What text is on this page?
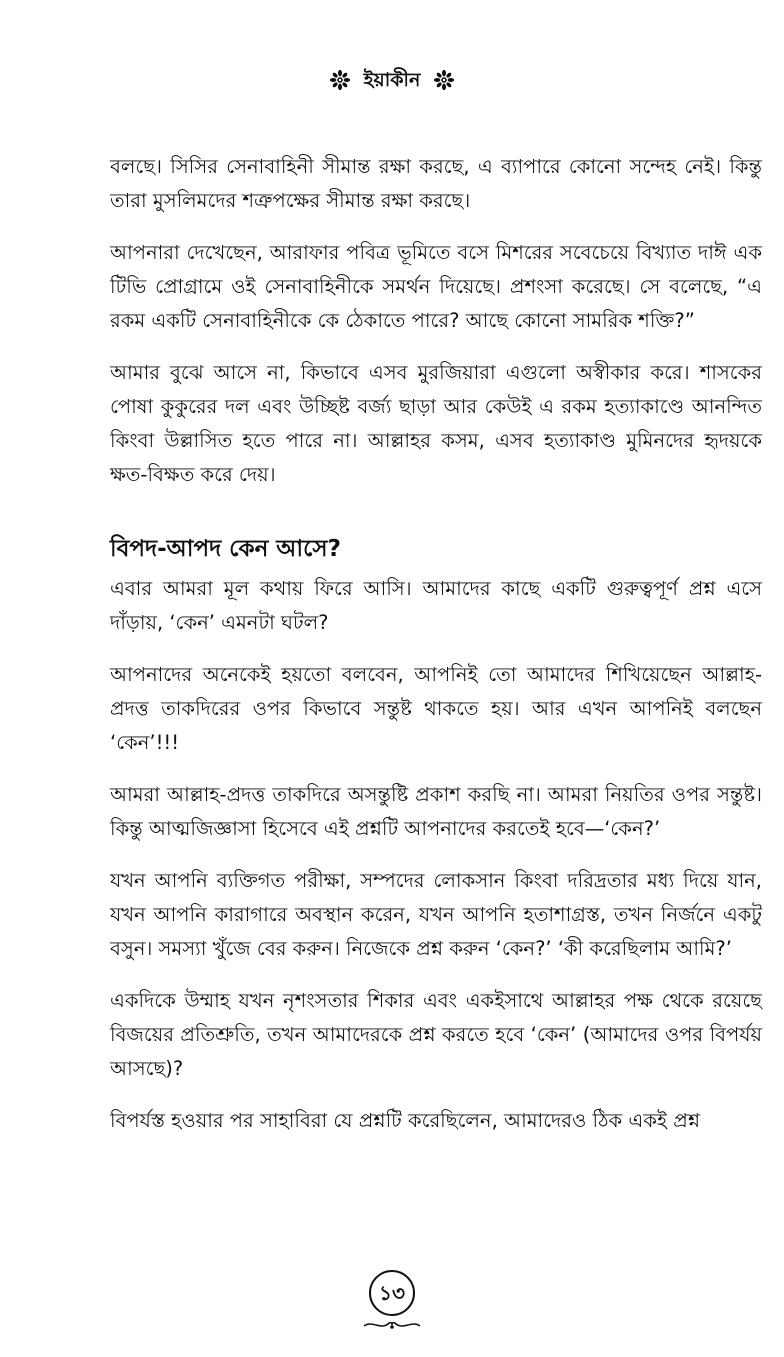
ইয়াকীন

বলছে। সিসির সেনাবাহিনী সীমান্ত রক্ষা করছে, এ ব্যাপারে কোনো সন্দেহ নেই। কিন্তু তারা মুসলিমদের শত্রুপক্ষের সীমান্ত রক্ষা করছে।

আপনারা দেখেছেন, আরাফার পবিত্র ভূমিতে বসে মিশরের সবেচেয়ে বিখ্যাত দাঈ এক টিভি প্রোগ্রামে ওই সেনাবাহিনীকে সমর্থন দিয়েছে। প্রশংসা করেছে। সে বলেছে, “এ রকম একটি সেনাবাহিনীকে কে ঠেকাতে পারে? আছে কোনো সামরিক শক্তি?”

আমার বুঝে আসে না, কিভাবে এসব মুরজিয়ারা এগুলো অস্বীকার করে। শাসকের পোষা কুকুরের দল এবং উচ্ছিষ্ট বর্জ্য ছাড়া আর কেউই এ রকম হত্যাকাণ্ডে আনন্দিত কিংবা উল্লাসিত হতে পারে না। আল্লাহর কসম, এসব হত্যাকাণ্ড মুমিনদের হৃদয়কে ক্ষত-বিক্ষত করে দেয়।

বিপদ-আপদ কেন আসে?

এবার আমরা মূল কথায় ফিরে আসি। আমাদের কাছে একটি গুরুত্বপূর্ণ প্রশ্ন এসে দাঁড়ায়, ‘কেন’ এমনটা ঘটল?

আপনাদের অনেকেই হয়তো বলবেন, আপনিই তো আমাদের শিখিয়েছেন আল্লাহ-প্রদত্ত তাকদিরের ওপর কিভাবে সন্তুষ্ট থাকতে হয়। আর এখন আপনিই বলছেন ‘কেন’!!!

আমরা আল্লাহ-প্রদত্ত তাকদিরে অসন্তুষ্টি প্রকাশ করছি না। আমরা নিয়তির ওপর সন্তুষ্ট। কিন্তু আত্মজিজ্ঞাসা হিসেবে এই প্রশ্নটি আপনাদের করতেই হবে—‘কেন?’

যখন আপনি ব্যক্তিগত পরীক্ষা, সম্পদের লোকসান কিংবা দরিদ্রতার মধ্য দিয়ে যান, যখন আপনি কারাগারে অবস্থান করেন, যখন আপনি হতাশাগ্রস্ত, তখন নির্জনে একটু বসুন। সমস্যা খুঁজে বের করুন। নিজেকে প্রশ্ন করুন ‘কেন?’ ‘কী করেছিলাম আমি?’

একদিকে উম্মাহ যখন নৃশংসতার শিকার এবং একইসাথে আল্লাহর পক্ষ থেকে রয়েছে বিজয়ের প্রতিশ্রুতি, তখন আমাদেরকে প্রশ্ন করতে হবে ‘কেন’ (আমাদের ওপর বিপর্যয় আসছে)?

বিপর্যস্ত হওয়ার পর সাহাবিরা যে প্রশ্নটি করেছিলেন, আমাদেরও ঠিক একই প্রশ্ন

১৩
